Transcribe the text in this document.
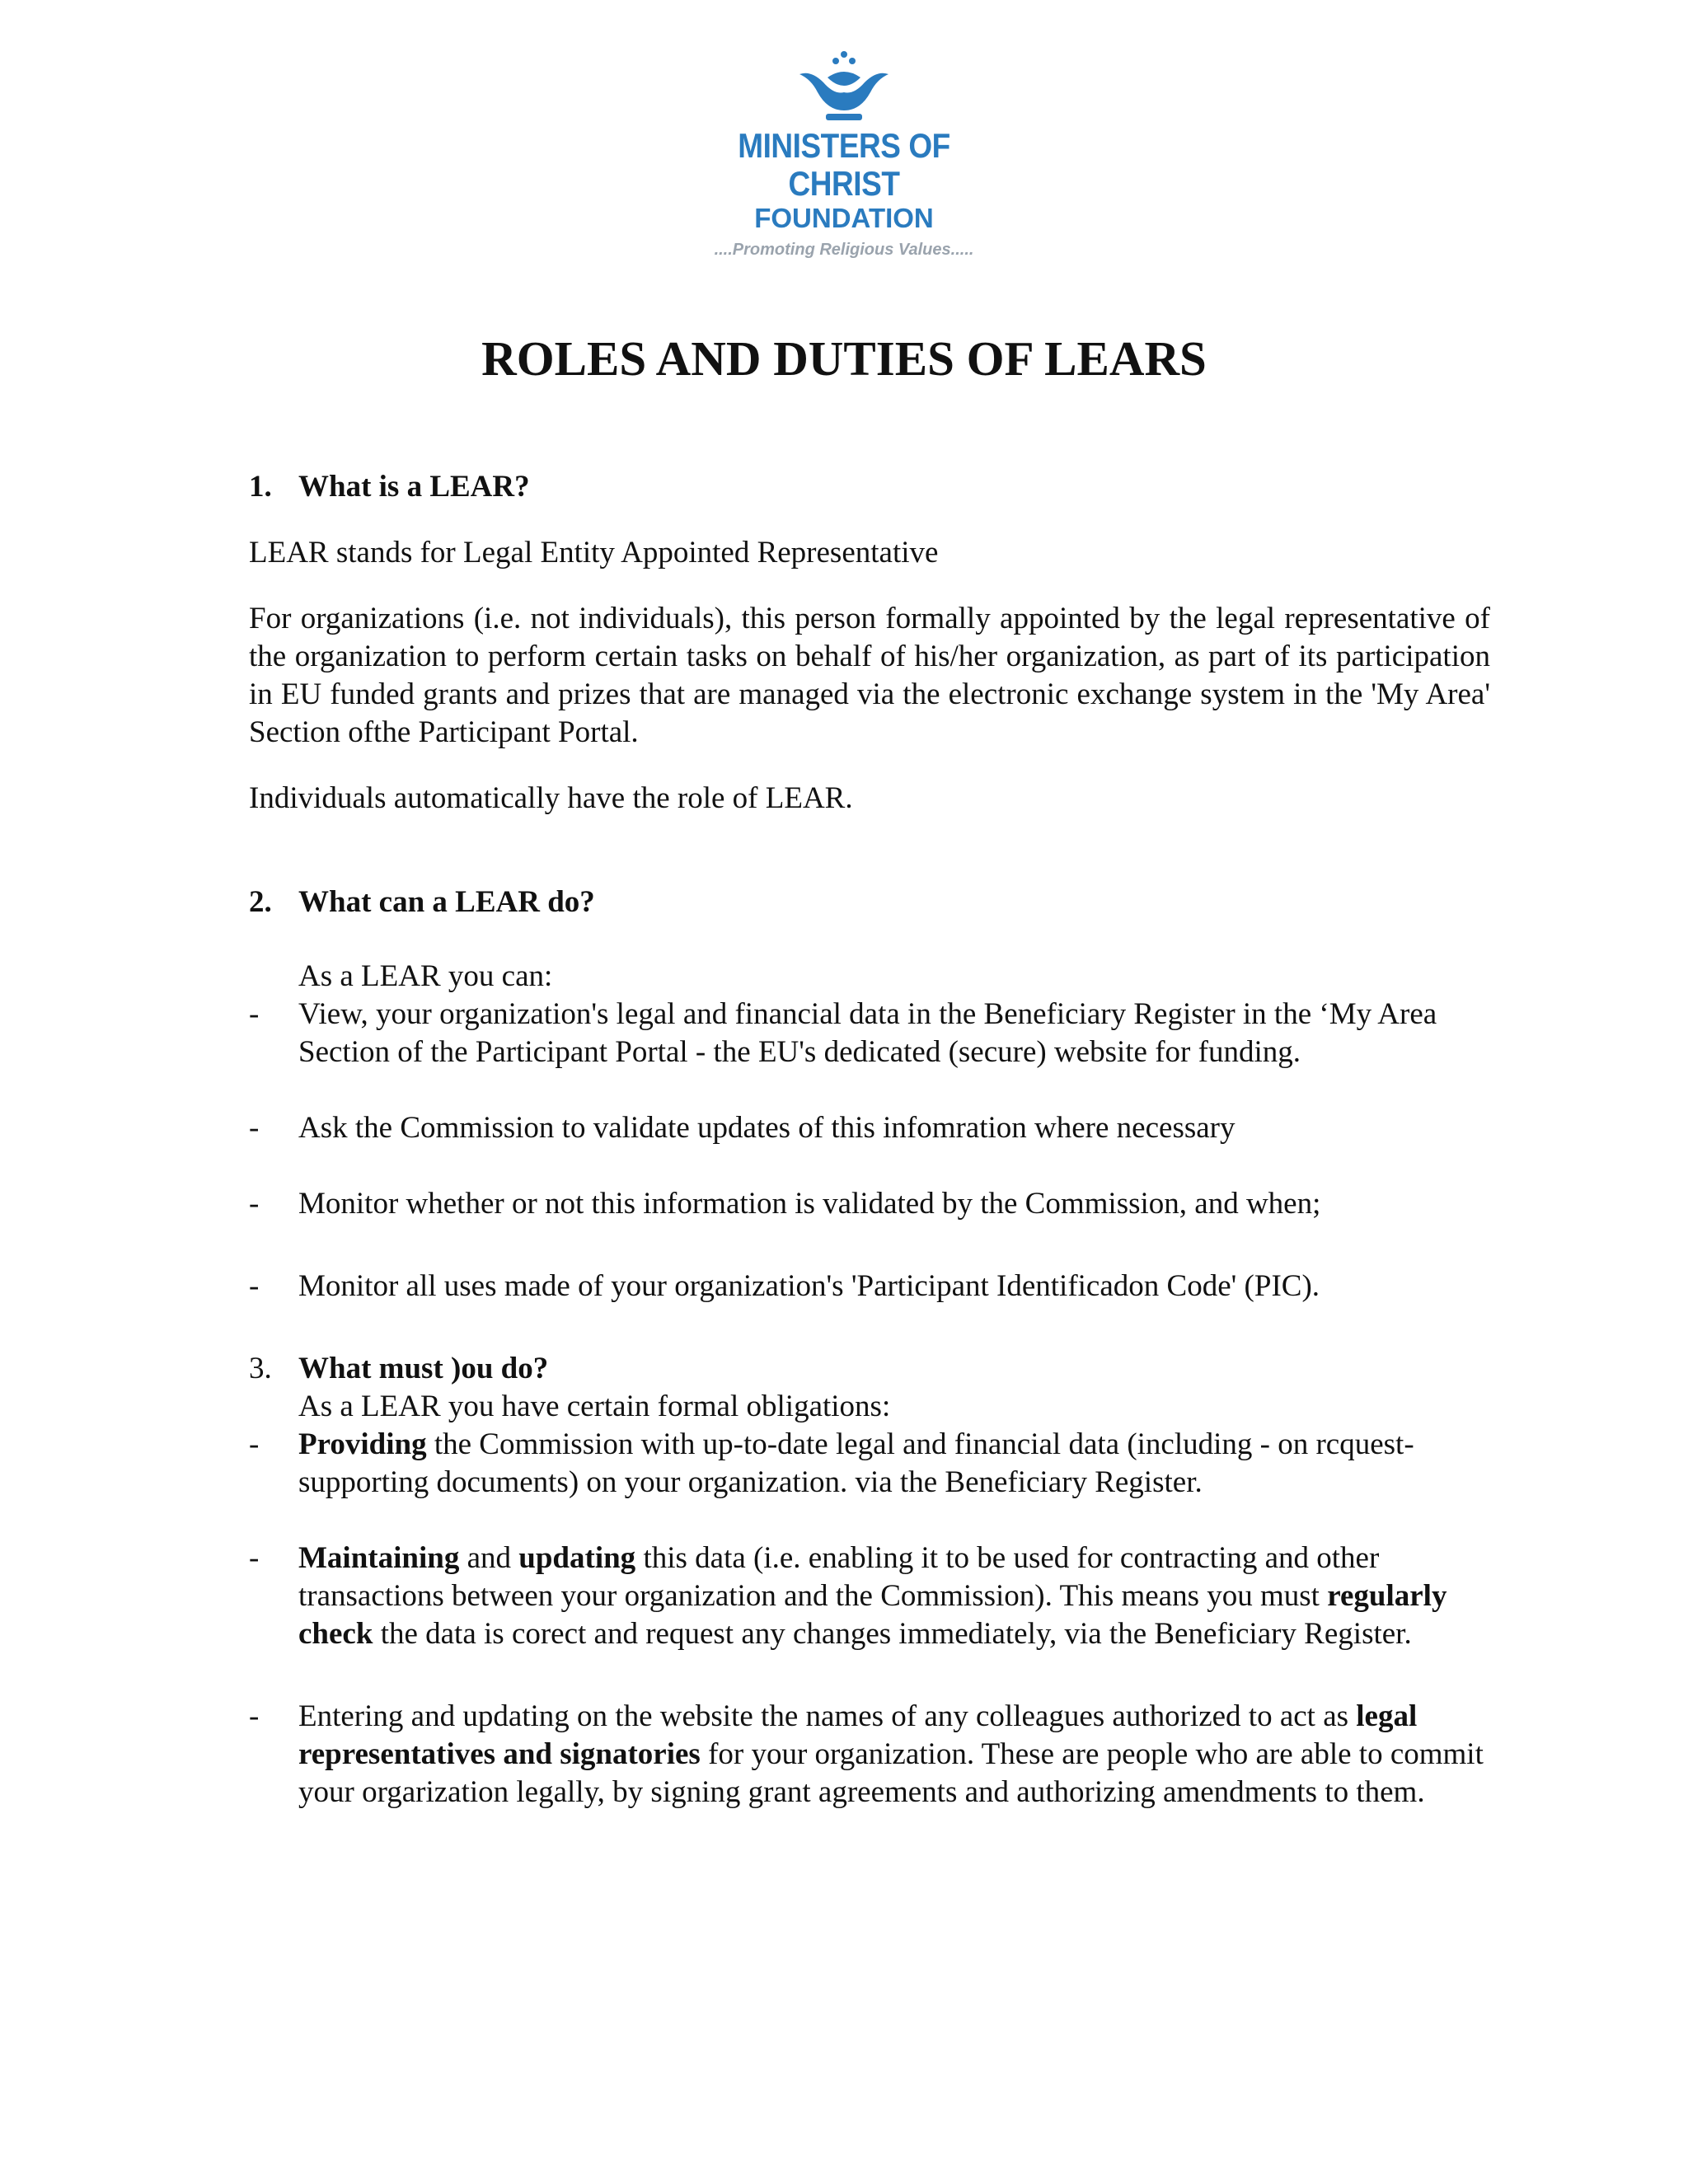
MINISTERS OF CHRIST
FOUNDATION
....Promoting Religious Values.....
ROLES AND DUTIES OF LEARS

1. What is a LEAR?

LEAR stands for Legal Entity Appointed Representative

For organizations (i.e. not individuals), this person formally appointed by the legal representative of the organization to perform certain tasks on behalf of his/her organization, as part of its participation in EU funded grants and prizes that are managed via the electronic exchange system in the 'My Area' Section ofthe Participant Portal.

Individuals automatically have the role of LEAR.

2. What can a LEAR do?

As a LEAR you can:

-	View, your organization's legal and financial data in the Beneficiary Register in the ‘My Area Section of the Participant Portal - the EU's dedicated (secure) website for funding.
-	Ask the Commission to validate updates of this infomration where necessary
-	Monitor whether or not this information is validated by the Commission, and when;
-	Monitor all uses made of your organization's 'Participant Identificadon Code' (PIC).

3. What must )ou do?

As a LEAR you have certain formal obligations:

-	Providing the Commission with up-to-date legal and financial data (including - on rcquest- supporting documents) on your organization. via the Beneficiary Register.
-	Maintaining and updating this data (i.e. enabling it to be used for contracting and other transactions between your organization and the Commission). This means you must regularly check the data is corect and request any changes immediately, via the Beneficiary Register.
-	Entering and updating on the website the names of any colleagues authorized to act as legal representatives and signatories for your organization. These are people who are able to commit your orgarization legally, by signing grant agreements and authorizing amendments to them.
